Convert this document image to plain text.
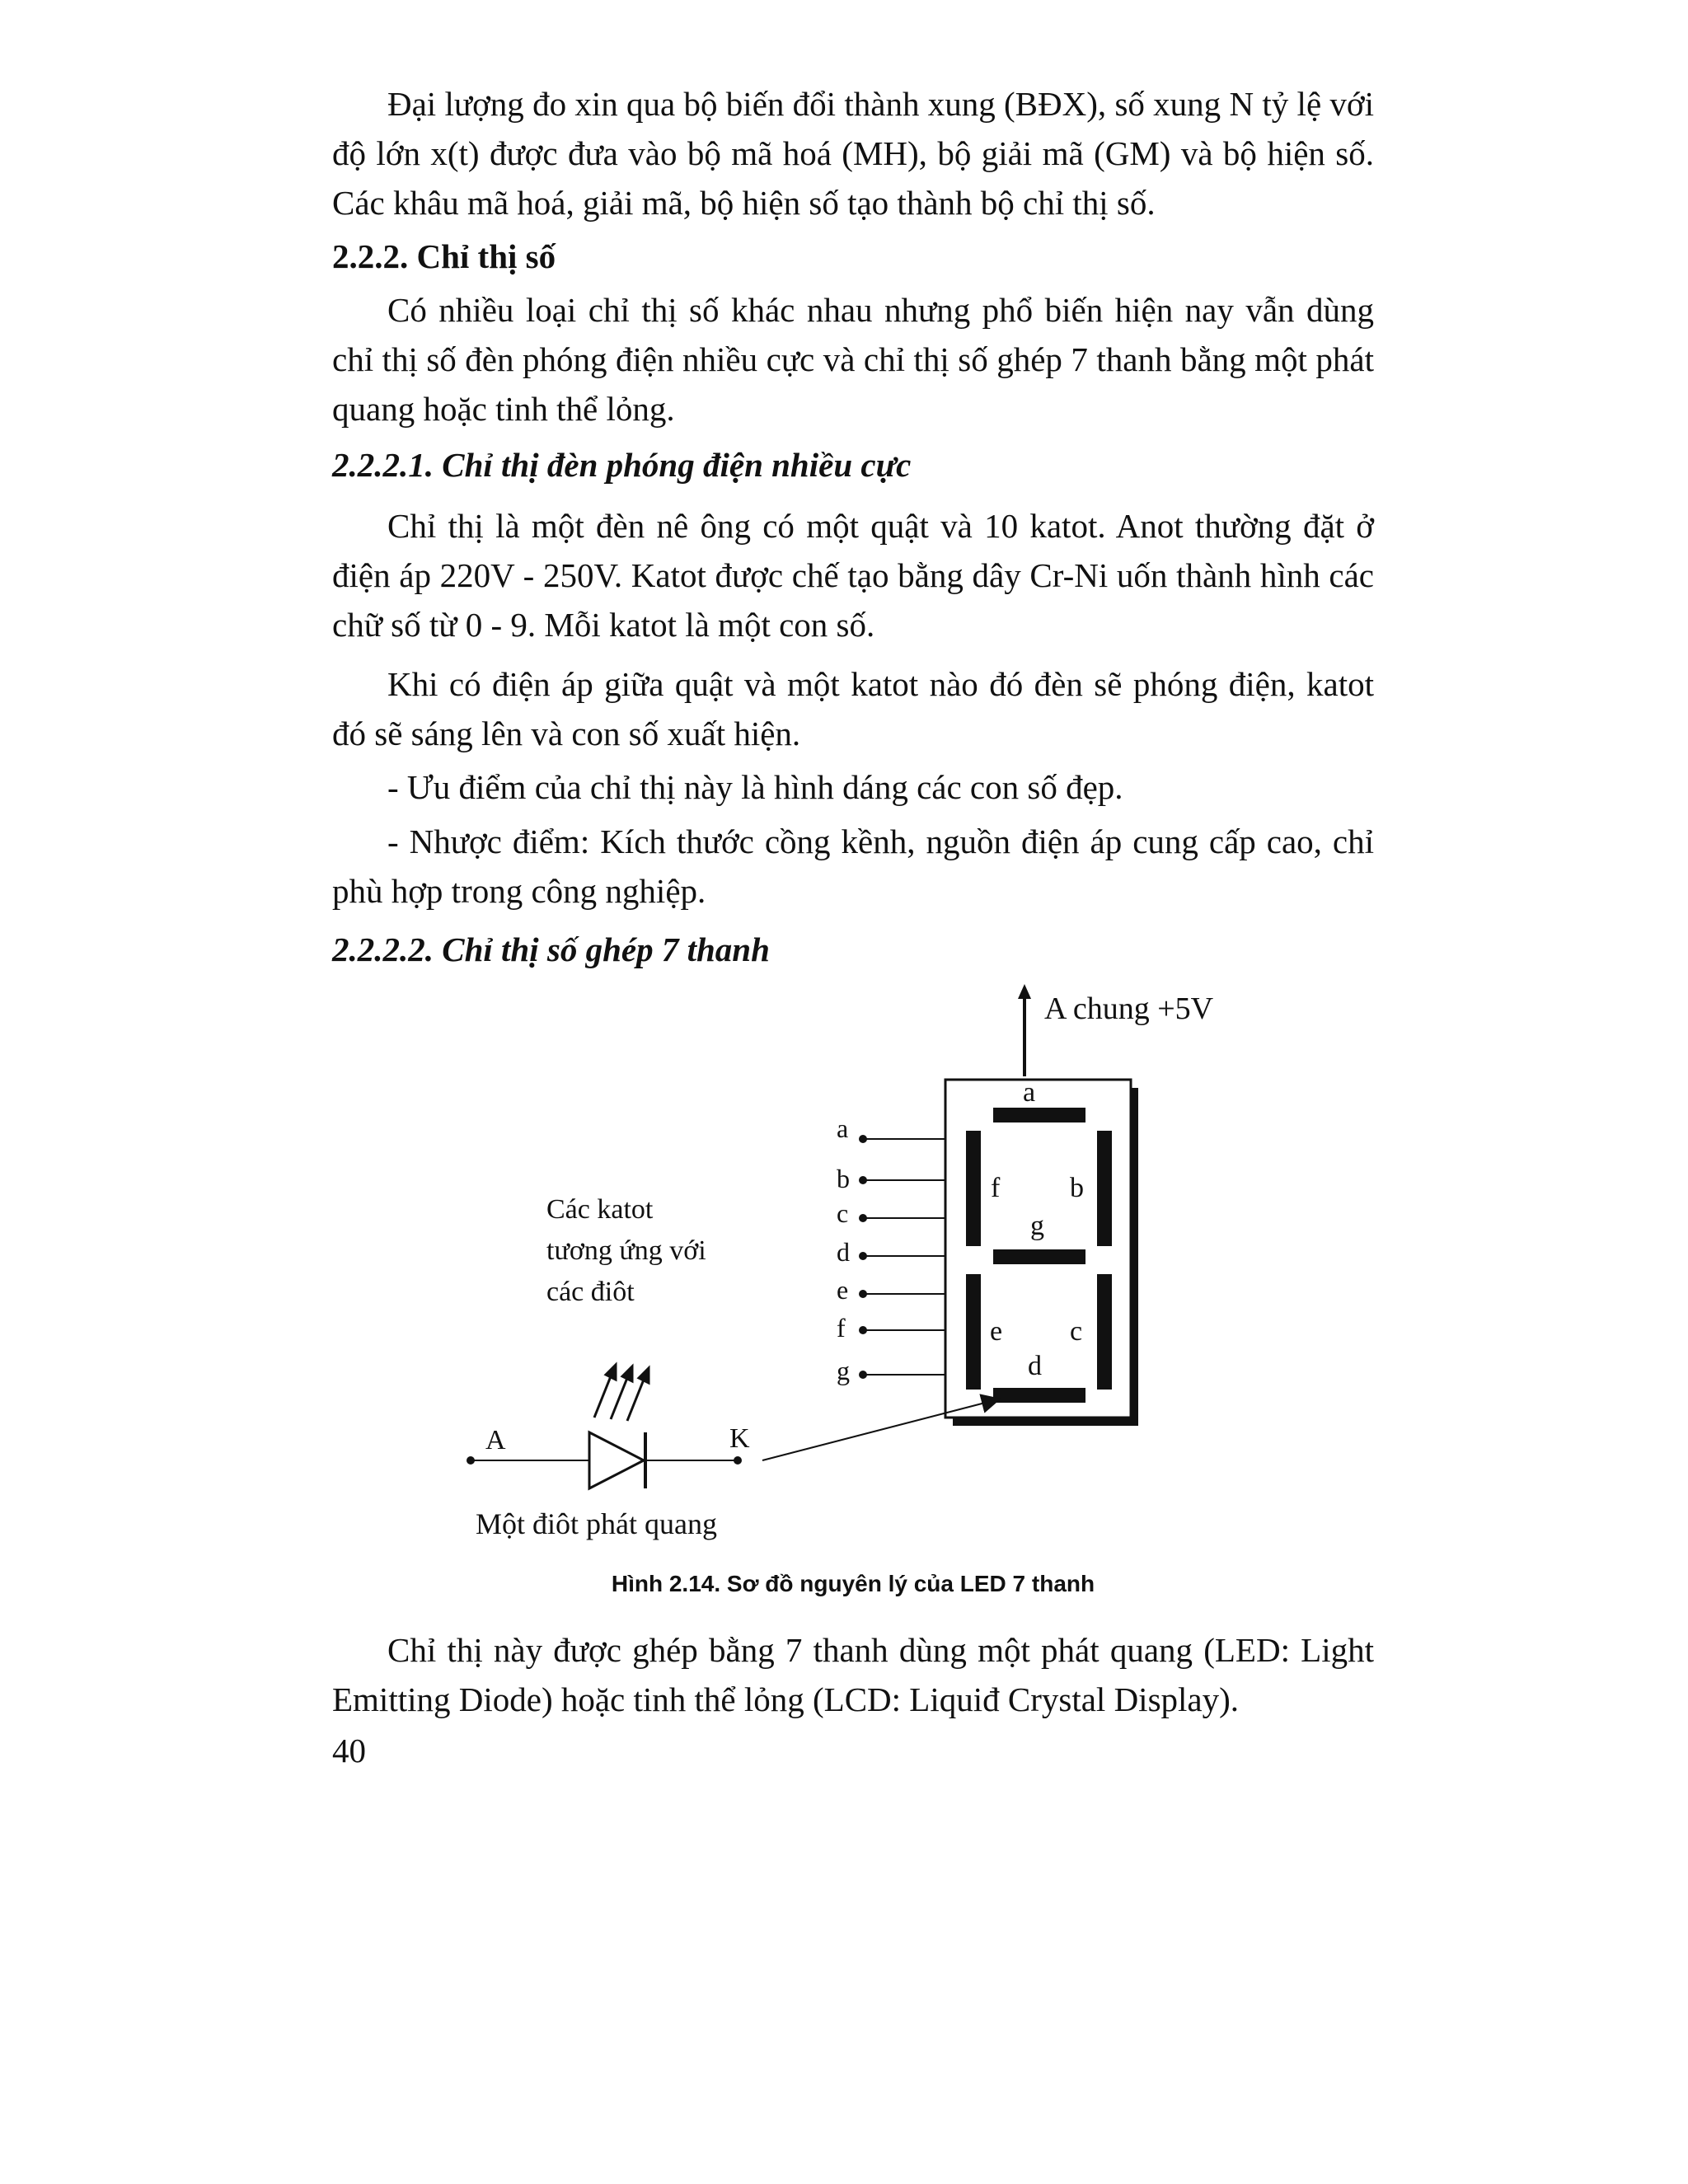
Đại lượng đo xin qua bộ biến đổi thành xung (BĐX), số xung N tỷ lệ với độ lớn x(t) được đưa vào bộ mã hoá (MH), bộ giải mã (GM) và bộ hiện số. Các khâu mã hoá, giải mã, bộ hiện số tạo thành bộ chỉ thị số.

2.2.2. Chỉ thị số

Có nhiều loại chỉ thị số khác nhau nhưng phổ biến hiện nay vẫn dùng chỉ thị số đèn phóng điện nhiều cực và chỉ thị số ghép 7 thanh bằng một phát quang hoặc tinh thể lỏng.

2.2.2.1. Chỉ thị đèn phóng điện nhiều cực

Chỉ thị là một đèn nê ông có một quật và 10 katot. Anot thường đặt ở điện áp 220V - 250V. Katot được chế tạo bằng dây Cr-Ni uốn thành hình các chữ số từ 0 - 9. Mỗi katot là một con số.

Khi có điện áp giữa quật và một katot nào đó đèn sẽ phóng điện, katot đó sẽ sáng lên và con số xuất hiện.

- Ưu điểm của chỉ thị này là hình dáng các con số đẹp.

- Nhược điểm: Kích thước cồng kềnh, nguồn điện áp cung cấp cao, chỉ phù hợp trong công nghiệp.

2.2.2.2. Chỉ thị số ghép 7 thanh

A chung +5V
a
f b
g
e c
d
a
b
c
d
e
f
g
Các katot
tương ứng với
các điôt
A	K
Một điôt phát quang

Hình 2.14. Sơ đồ nguyên lý của LED 7 thanh

Chỉ thị này được ghép bằng 7 thanh dùng một phát quang (LED: Light Emitting Diode) hoặc tinh thể lỏng (LCD: Liquiđ Crystal Display).

40
